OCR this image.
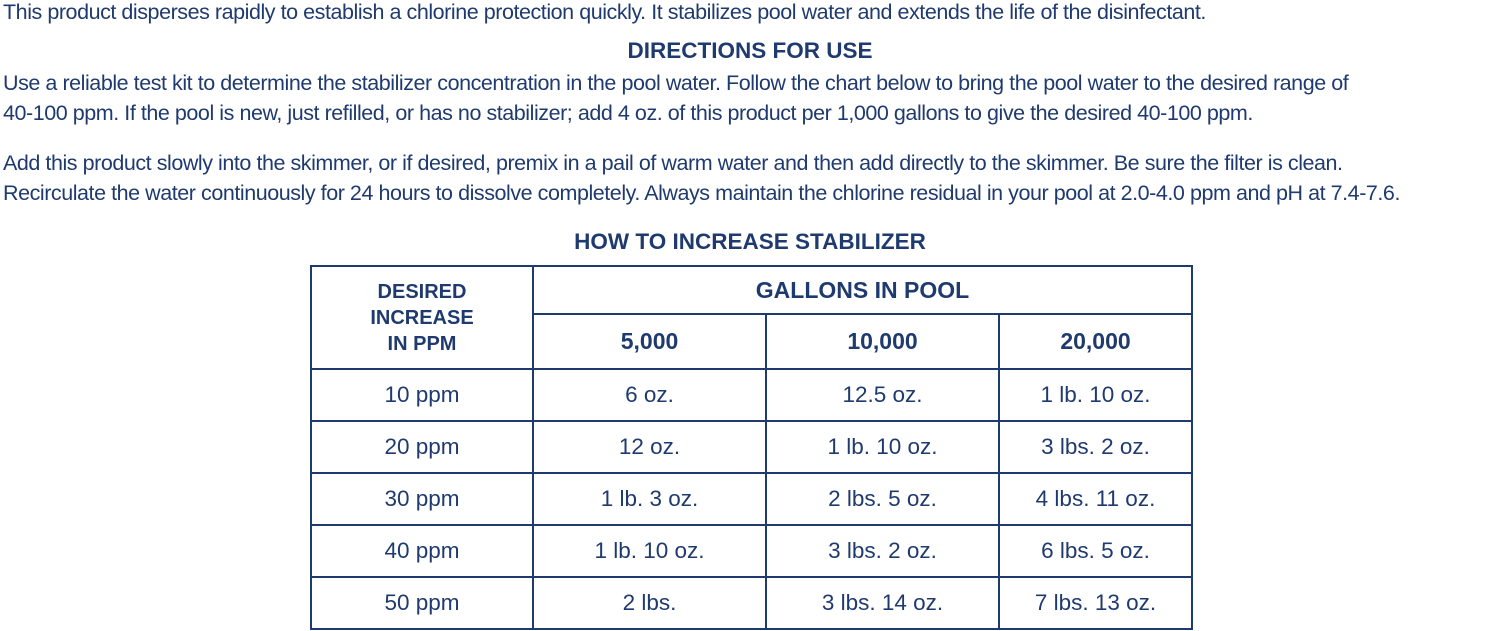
This product disperses rapidly to establish a chlorine protection quickly. It stabilizes pool water and extends the life of the disinfectant.

DIRECTIONS FOR USE

Use a reliable test kit to determine the stabilizer concentration in the pool water. Follow the chart below to bring the pool water to the desired range of

40-100 ppm. If the pool is new, just refilled, or has no stabilizer; add 4 oz. of this product per 1,000 gallons to give the desired 40-100 ppm.

Add this product slowly into the skimmer, or if desired, premix in a pail of warm water and then add directly to the skimmer. Be sure the filter is clean.

Recirculate the water continuously for 24 hours to dissolve completely. Always maintain the chlorine residual in your pool at 2.0-4.0 ppm and pH at 7.4-7.6.

HOW TO INCREASE STABILIZER
DESIRED
INCREASE
IN PPM	GALLONS IN POOL		
	5,000	10,000	20,000
10 ppm	6 oz.	12.5 oz.	1 lb. 10 oz.
20 ppm	12 oz.	1 lb. 10 oz.	3 lbs. 2 oz.
30 ppm	1 lb. 3 oz.	2 lbs. 5 oz.	4 lbs. 11 oz.
40 ppm	1 lb. 10 oz.	3 lbs. 2 oz.	6 lbs. 5 oz.
50 ppm	2 lbs.	3 lbs. 14 oz.	7 lbs. 13 oz.
